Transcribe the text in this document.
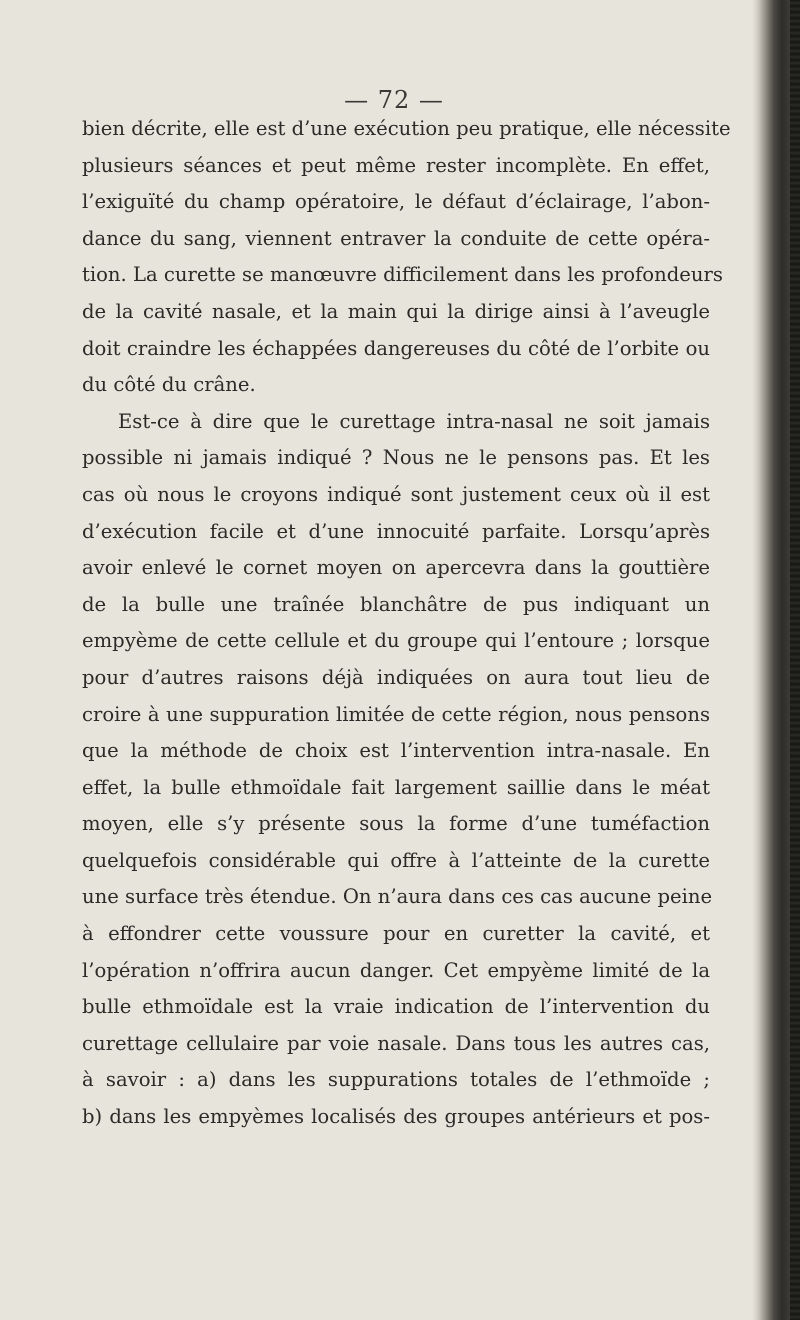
— 72 —
bien décrite, elle est d’une exécution peu pratique, elle nécessite
plusieurs séances et peut même rester incomplète. En effet,
l’exiguïté du champ opératoire, le défaut d’éclairage, l’abon-
dance du sang, viennent entraver la conduite de cette opéra-
tion. La curette se manœuvre difficilement dans les profondeurs
de la cavité nasale, et la main qui la dirige ainsi à l’aveugle
doit craindre les échappées dangereuses du côté de l’orbite ou
du côté du crâne.
Est-ce à dire que le curettage intra-nasal ne soit jamais
possible ni jamais indiqué ? Nous ne le pensons pas. Et les
cas où nous le croyons indiqué sont justement ceux où il est
d’exécution facile et d’une innocuité parfaite. Lorsqu’après
avoir enlevé le cornet moyen on apercevra dans la gouttière
de la bulle une traînée blanchâtre de pus indiquant un
empyème de cette cellule et du groupe qui l’entoure ; lorsque
pour d’autres raisons déjà indiquées on aura tout lieu de
croire à une suppuration limitée de cette région, nous pensons
que la méthode de choix est l’intervention intra-nasale. En
effet, la bulle ethmoïdale fait largement saillie dans le méat
moyen, elle s’y présente sous la forme d’une tuméfaction
quelquefois considérable qui offre à l’atteinte de la curette
une surface très étendue. On n’aura dans ces cas aucune peine
à effondrer cette voussure pour en curetter la cavité, et
l’opération n’offrira aucun danger. Cet empyème limité de la
bulle ethmoïdale est la vraie indication de l’intervention du
curettage cellulaire par voie nasale. Dans tous les autres cas,
à savoir : a) dans les suppurations totales de l’ethmoïde ;
b) dans les empyèmes localisés des groupes antérieurs et pos-
